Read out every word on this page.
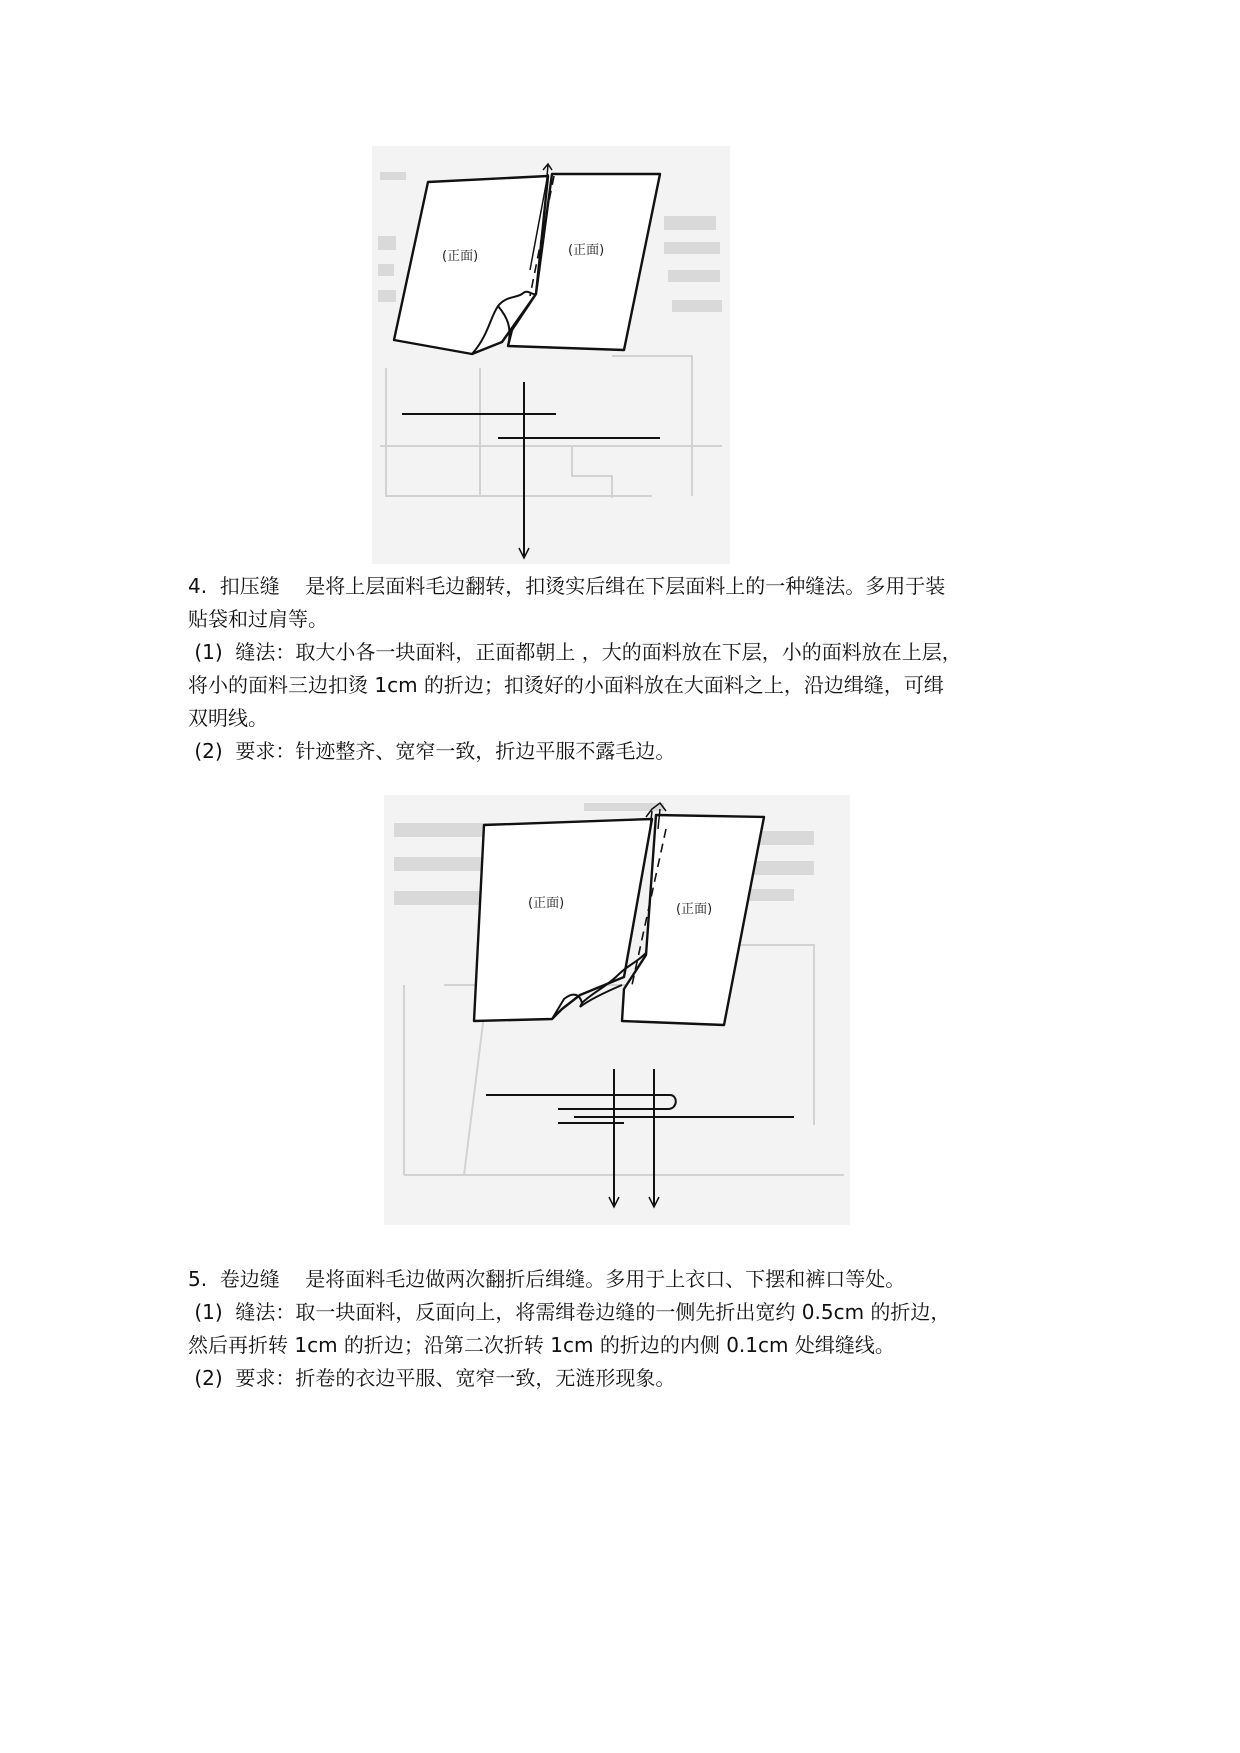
(正面)	(正面)
4.  扣压缝    是将上层面料毛边翻转，扣烫实后缉在下层面料上的一种缝法。多用于装
贴袋和过肩等。
(1)  缝法：取大小各一块面料，正面都朝上 ，大的面料放在下层，小的面料放在上层，
将小的面料三边扣烫 1cm 的折边；扣烫好的小面料放在大面料之上，沿边缉缝，可缉
双明线。
(2)  要求：针迹整齐、宽窄一致，折边平服不露毛边。
(正面)	(正面)
5.  卷边缝    是将面料毛边做两次翻折后缉缝。多用于上衣口、下摆和裤口等处。
(1)  缝法：取一块面料，反面向上，将需缉卷边缝的一侧先折出宽约 0.5cm 的折边，
然后再折转 1cm 的折边；沿第二次折转 1cm 的折边的内侧 0.1cm 处缉缝线。
(2)  要求：折卷的衣边平服、宽窄一致，无涟形现象。
